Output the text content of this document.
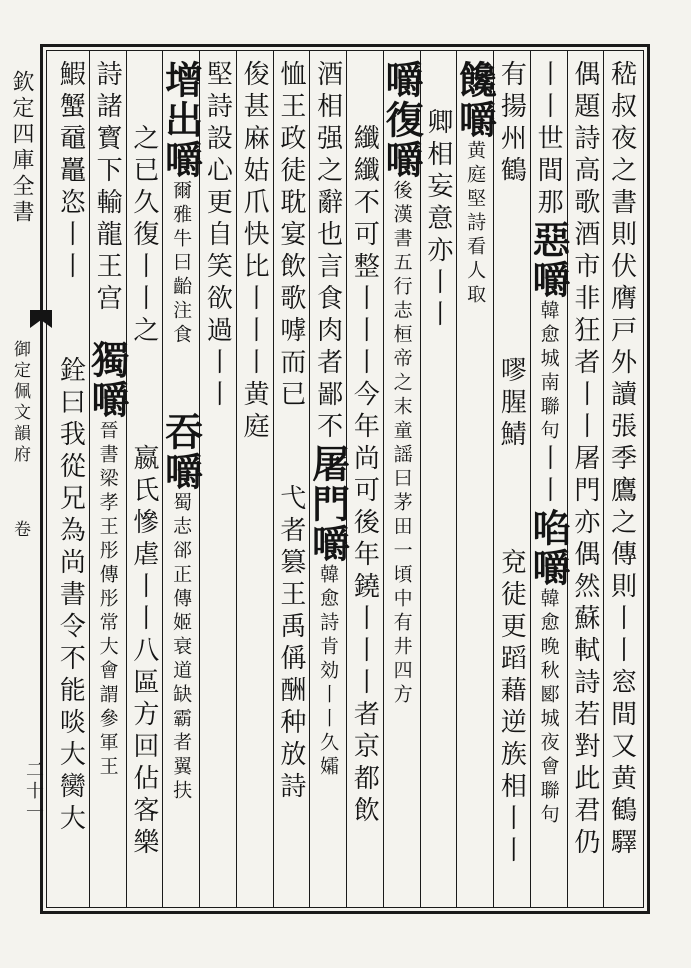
欽定四庫全書
御定佩文韻府
卷
二十一	嵇叔夜之書則伏膺戸外讀張季鷹之傳則丨丨窓間又黄鶴驛
偶題詩高歌酒市非狂者丨丨屠門亦偶然蘇軾詩若對此君仍
丨丨世間那
惡嚼
韓愈城南聯句
丨丨
啗嚼
韓愈晚秋郾城夜會聯句
有揚州鶴

嘐腥鯖

兗徒更蹈藉逆族相丨丨
饞嚼
黄庭堅詩看人取

卿相妄意亦丨丨
嚼復嚼
後漢書五行志桓帝之末童謡曰茅田一頃中有井四方
　　纖纖不可整丨丨丨今年尚可後年鐃丨丨丨者京都飲
酒相强之辭也言食肉者鄙不
屠門嚼
韓愈詩肯効丨丨久孀
恤王政徒耽宴飲歌嘑而已

弋者篡王禹偁酬种放詩
俊甚麻姑爪快比丨丨丨黄庭
堅詩設心更自笑欲過丨丨
增出嚼
爾雅牛曰齝注食

吞嚼
蜀志郤正傳姬衰道缺霸者翼扶
　　之已久復丨丨之
　　　嬴氏慘虐丨丨八區方回佔客樂
詩諸寳下輸龍王宫

獨嚼
晉書梁孝王彤傳彤常大會謂參軍王
鰕蟹黿鼉恣丨丨

銓曰我從兄為尚書令不能啖大臠大
